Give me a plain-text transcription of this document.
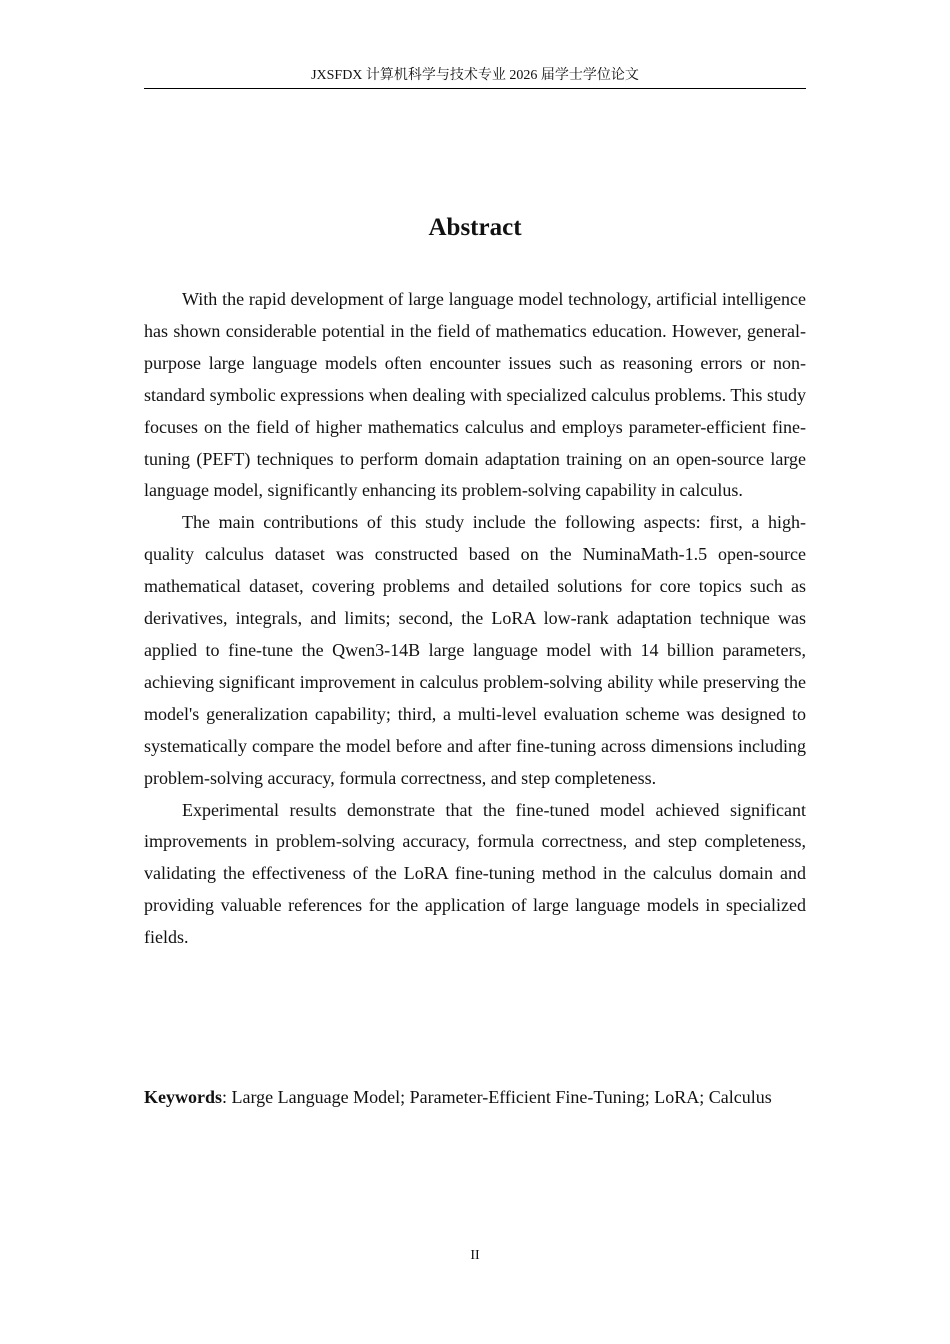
JXSFDX 计算机科学与技术专业 2026 届学士学位论文
Abstract

With the rapid development of large language model technology, artificial intelligence has shown considerable potential in the field of mathematics education. However, general-purpose large language models often encounter issues such as reasoning errors or non-standard symbolic expressions when dealing with specialized calculus problems. This study focuses on the field of higher mathematics calculus and employs parameter-efficient fine-tuning (PEFT) techniques to perform domain adaptation training on an open-source large language model, significantly enhancing its problem-solving capability in calculus.

The main contributions of this study include the following aspects: first, a high-quality calculus dataset was constructed based on the NuminaMath-1.5 open-source mathematical dataset, covering problems and detailed solutions for core topics such as derivatives, integrals, and limits; second, the LoRA low-rank adaptation technique was applied to fine-tune the Qwen3-14B large language model with 14 billion parameters, achieving significant improvement in calculus problem-solving ability while preserving the model's generalization capability; third, a multi-level evaluation scheme was designed to systematically compare the model before and after fine-tuning across dimensions including problem-solving accuracy, formula correctness, and step completeness.

Experimental results demonstrate that the fine-tuned model achieved significant improvements in problem-solving accuracy, formula correctness, and step completeness, validating the effectiveness of the LoRA fine-tuning method in the calculus domain and providing valuable references for the application of large language models in specialized fields.

Keywords: Large Language Model; Parameter-Efficient Fine-Tuning; LoRA; Calculus

II
